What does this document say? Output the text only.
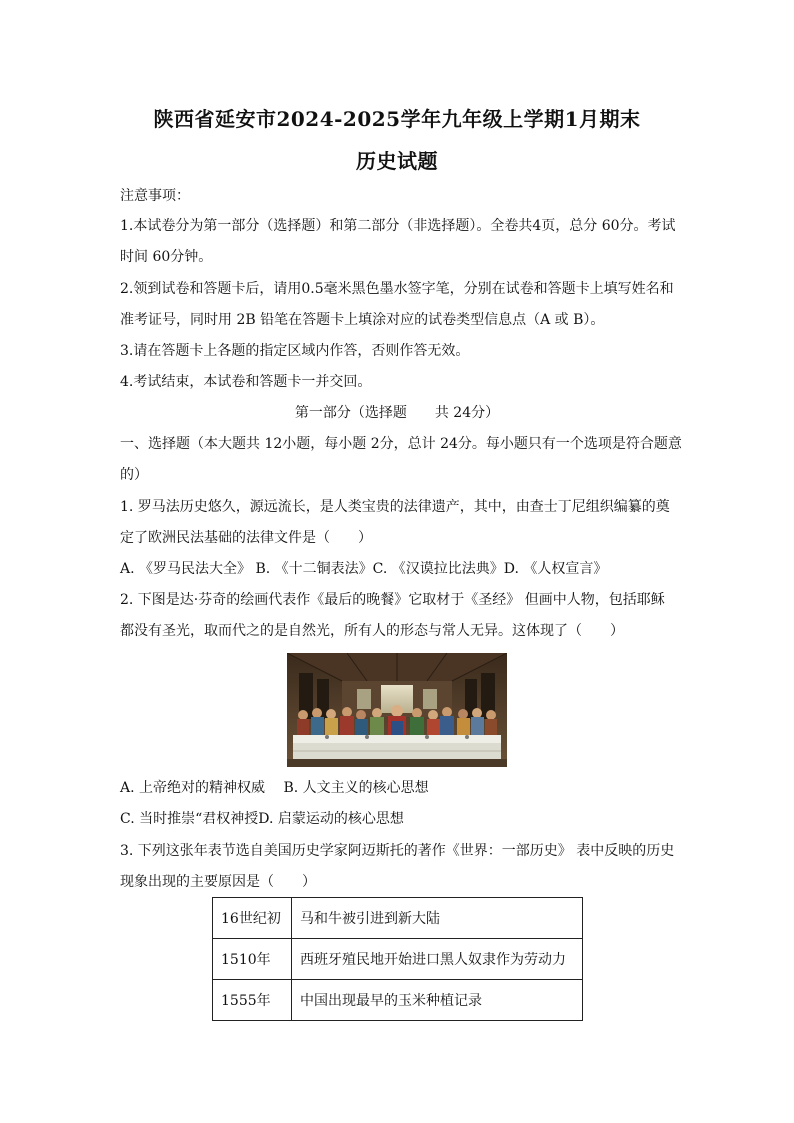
陕西省延安市2024-2025学年九年级上学期1月期末
历史试题
注意事项：
1.本试卷分为第一部分（选择题）和第二部分（非选择题）。全卷共4页，总分 60分。考试
时间 60分钟。
2.领到试卷和答题卡后，请用0.5毫米黑色墨水签字笔，分别在试卷和答题卡上填写姓名和
准考证号，同时用 2B 铅笔在答题卡上填涂对应的试卷类型信息点（A 或 B）。
3.请在答题卡上各题的指定区域内作答，否则作答无效。
4.考试结束，本试卷和答题卡一并交回。
第一部分（选择题　　共 24分）
一、选择题（本大题共 12小题，每小题 2分，总计 24分。每小题只有一个选项是符合题意
的）
1. 罗马法历史悠久，源远流长，是人类宝贵的法律遗产，其中，由查士丁尼组织编纂的奠
定了欧洲民法基础的法律文件是（　　）
A. 《罗马民法大全》 B. 《十二铜表法》C. 《汉谟拉比法典》D. 《人权宣言》
2. 下图是达·芬奇的绘画代表作《最后的晚餐》它取材于《圣经》 但画中人物，包括耶稣
都没有圣光，取而代之的是自然光，所有人的形态与常人无异。这体现了（　　）
A. 上帝绝对的精神权威　 B. 人文主义的核心思想
C. 当时推崇“君权神授D. 启蒙运动的核心思想
3. 下列这张年表节选自美国历史学家阿迈斯托的著作《世界：一部历史》 表中反映的历史
现象出现的主要原因是（　　）
16世纪初	马和牛被引进到新大陆
1510年	西班牙殖民地开始进口黑人奴隶作为劳动力
1555年	中国出现最早的玉米种植记录
